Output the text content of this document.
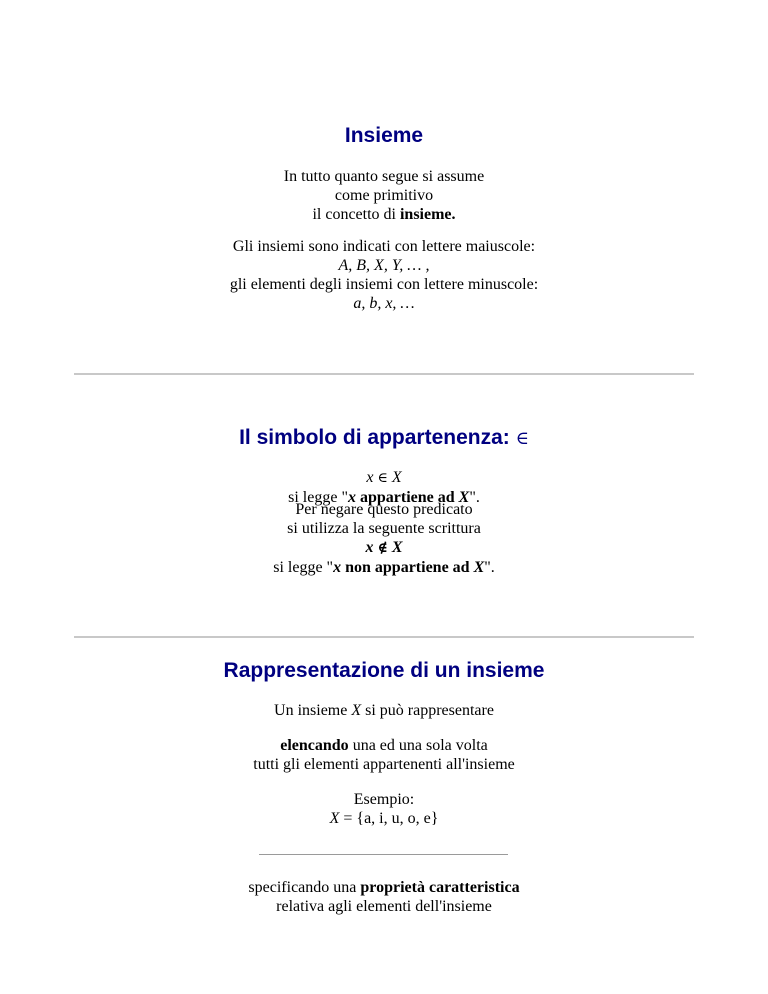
Insieme
In tutto quanto segue si assume
come primitivo
il concetto di insieme.
Gli insiemi sono indicati con lettere maiuscole:
A, B, X, Y, … ,
gli elementi degli insiemi con lettere minuscole:
a, b, x, …
Il simbolo di appartenenza: ∈
x ∈ X
si legge "x appartiene ad X".
Per negare questo predicato
si utilizza la seguente scrittura
x ∉ X
si legge "x non appartiene ad X".
Rappresentazione di un insieme
Un insieme X si può rappresentare
elencando una ed una sola volta
tutti gli elementi appartenenti all'insieme
Esempio:
X = {a, i, u, o, e}
specificando una proprietà caratteristica
relativa agli elementi dell'insieme
